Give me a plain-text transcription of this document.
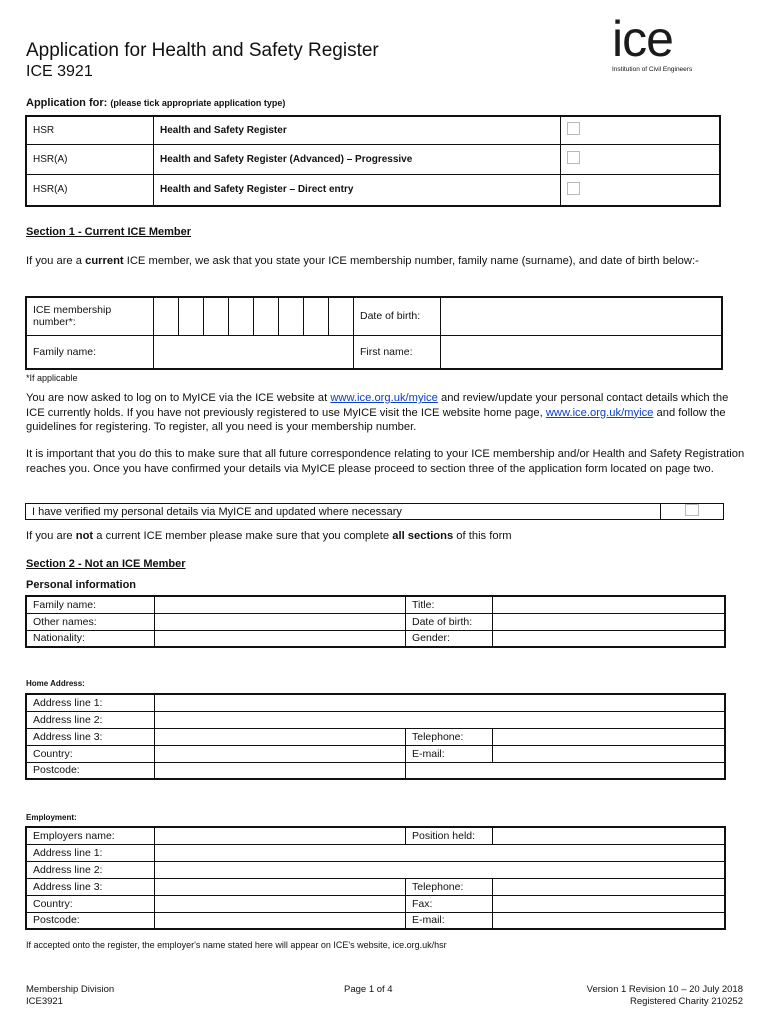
Application for Health and Safety Register
ICE 3921
ice
Institution of Civil Engineers
Application for: (please tick appropriate application type)
HSR	Health and Safety Register	
HSR(A)	Health and Safety Register (Advanced) – Progressive	
HSR(A)	Health and Safety Register – Direct entry	
Section 1 - Current ICE Member
If you are a current ICE member, we ask that you state your ICE membership number, family name (surname), and date of birth below:-
ICE membership number*:									Date of birth:	
Family name:									First name:	
*If applicable
You are now asked to log on to MyICE via the ICE website at www.ice.org.uk/myice and review/update your personal contact details which the ICE currently holds. If you have not previously registered to use MyICE visit the ICE website home page, www.ice.org.uk/myice and follow the guidelines for registering. To register, all you need is your membership number.
It is important that you do this to make sure that all future correspondence relating to your ICE membership and/or Health and Safety Registration reaches you. Once you have confirmed your details via MyICE please proceed to section three of the application form located on page two.
I have verified my personal details via MyICE and updated where necessary	
If you are not a current ICE member please make sure that you complete all sections of this form
Section 2 - Not an ICE Member
Personal information
Family name:		Title:	
Other names:		Date of birth:	
Nationality:		Gender:	
Home Address:
Address line 1:			
Address line 2:			
Address line 3:		Telephone:	
Country:		E-mail:	
Postcode:			
Employment:
Employers name:		Position held:	
Address line 1:			
Address line 2:			
Address line 3:		Telephone:	
Country:		Fax:	
Postcode:		E-mail:	
If accepted onto the register, the employer's name stated here will appear on ICE's website, ice.org.uk/hsr
Membership Division
ICE3921
Page 1 of 4	Version 1 Revision 10 – 20 July 2018
Registered Charity 210252
